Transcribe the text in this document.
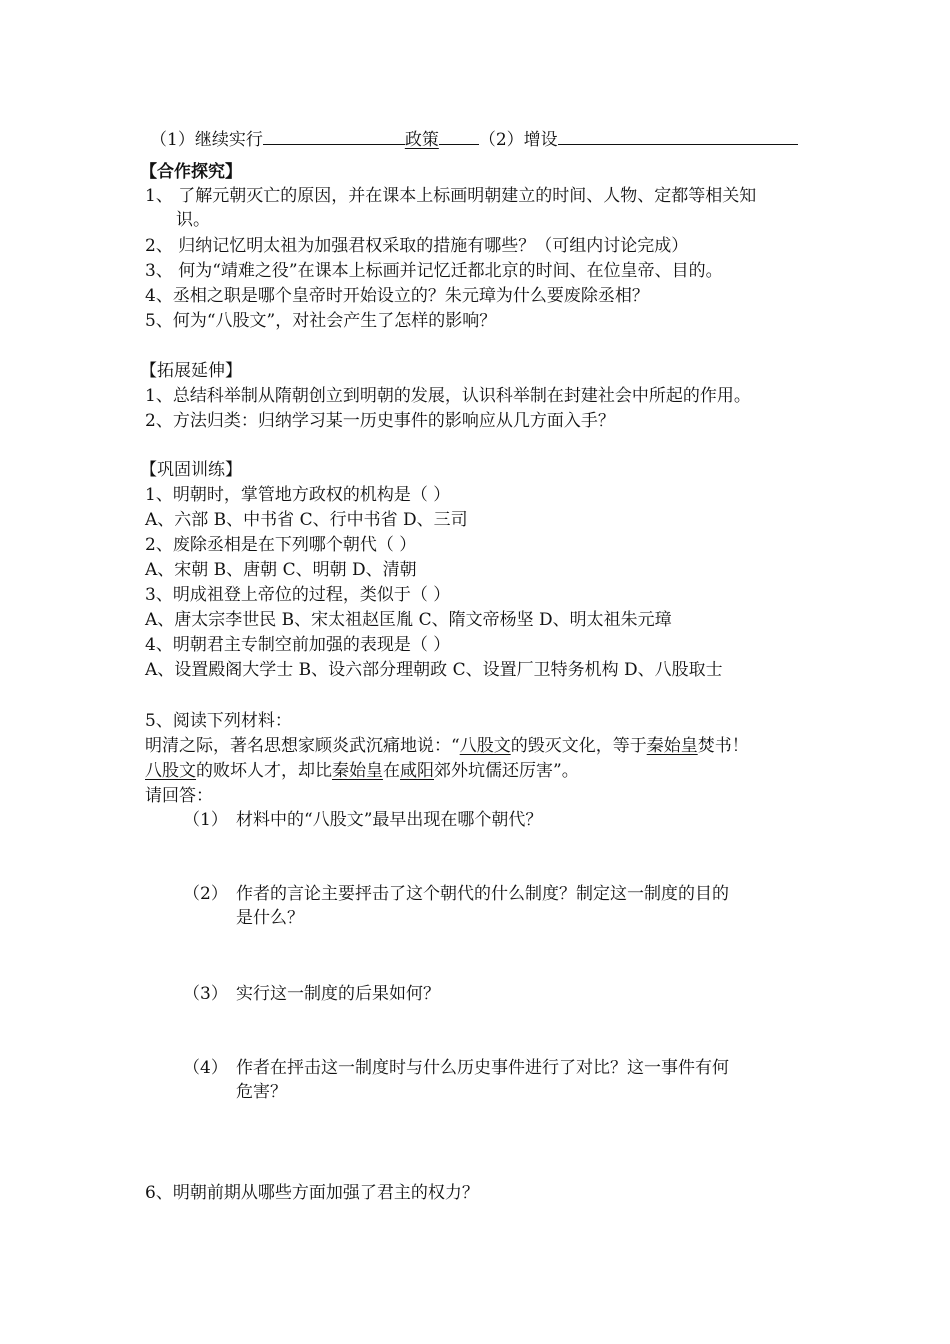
（1）继续实行	政策 （2）增设
【合作探究】
1、 了解元朝灭亡的原因，并在课本上标画明朝建立的时间、人物、定都等相关知
识。
2、 归纳记忆明太祖为加强君权采取的措施有哪些？（可组内讨论完成）
3、 何为“靖难之役”在课本上标画并记忆迁都北京的时间、在位皇帝、目的。
4、丞相之职是哪个皇帝时开始设立的？朱元璋为什么要废除丞相？
5、何为“八股文”，对社会产生了怎样的影响？
【拓展延伸】
1、总结科举制从隋朝创立到明朝的发展，认识科举制在封建社会中所起的作用。
2、方法归类：归纳学习某一历史事件的影响应从几方面入手？
【巩固训练】
1、明朝时，掌管地方政权的机构是（ ）
A、六部 B、中书省 C、行中书省 D、三司
2、废除丞相是在下列哪个朝代（ ）
A、宋朝 B、唐朝 C、明朝 D、清朝
3、明成祖登上帝位的过程，类似于（ ）
A、唐太宗李世民 B、宋太祖赵匡胤 C、隋文帝杨坚 D、明太祖朱元璋
4、明朝君主专制空前加强的表现是（ ）
A、设置殿阁大学士 B、设六部分理朝政 C、设置厂卫特务机构 D、八股取士
5、阅读下列材料：
明清之际，著名思想家顾炎武沉痛地说：“八股文的毁灭文化，等于秦始皇焚书！
八股文的败坏人才，却比秦始皇在咸阳郊外坑儒还厉害”。
请回答：
（1） 材料中的“八股文”最早出现在哪个朝代？
（2） 作者的言论主要抨击了这个朝代的什么制度？制定这一制度的目的
是什么？
（3） 实行这一制度的后果如何？
（4） 作者在抨击这一制度时与什么历史事件进行了对比？这一事件有何
危害？
6、明朝前期从哪些方面加强了君主的权力？
